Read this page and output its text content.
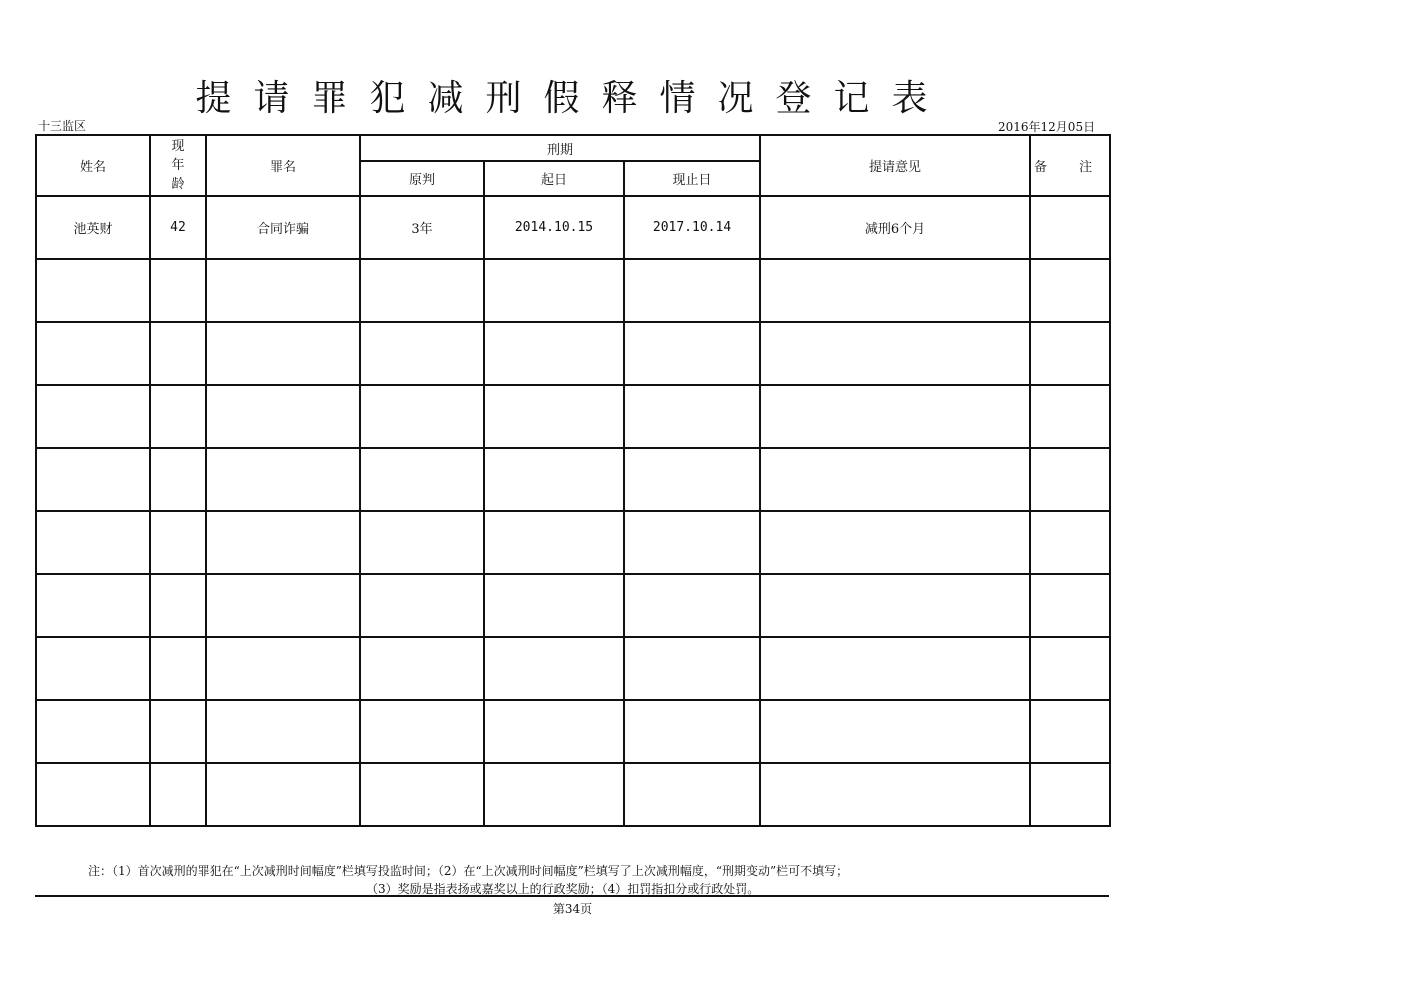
提请罪犯减刑假释情况登记表
十三监区	2016年12月05日
姓名	现
年
龄	罪名	刑期			提请意见	备 注
			原判	起日	现止日		
池英财	42	合同诈骗	3年	2014.10.15	2017.10.14	减刑6个月	

注：（1）首次减刑的罪犯在“上次减刑时间幅度”栏填写投监时间；（2）在“上次减刑时间幅度”栏填写了上次减刑幅度，“刑期变动”栏可不填写；
（3）奖励是指表扬或嘉奖以上的行政奖励；（4）扣罚指扣分或行政处罚。
第34页
